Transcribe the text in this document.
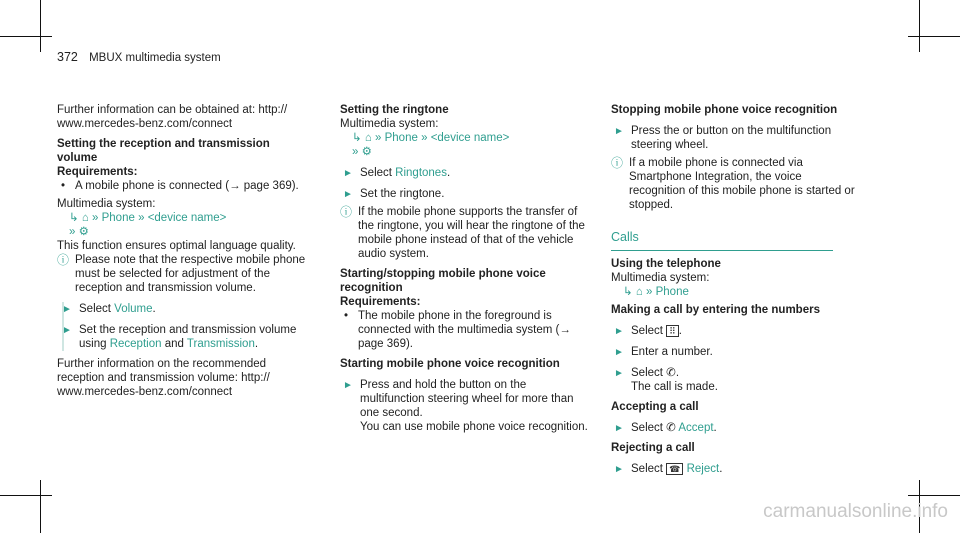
372 MBUX multimedia system

Further information can be obtained at: http:// www.mercedes-benz.com/connect

Setting the reception and transmission volume

Requirements:

• A mobile phone is connected (→ page 369).

Multimedia system:

↳ ⌂ » Phone » <device name>
» ⚙

This function ensures optimal language quality.

ⓘ Please note that the respective mobile phone must be selected for adjustment of the reception and transmission volume.
► Select Volume.
► Set the reception and transmission volume using Reception and Transmission.

Further information on the recommended reception and transmission volume: http:// www.mercedes-benz.com/connect

Setting the ringtone

Multimedia system:

↳ ⌂ » Phone » <device name>
» ⚙
► Select Ringtones.
► Set the ringtone.
ⓘ If the mobile phone supports the transfer of the ringtone, you will hear the ringtone of the mobile phone instead of that of the vehicle audio system.

Starting/stopping mobile phone voice recognition

Requirements:

• The mobile phone in the foreground is connected with the multimedia system (→ page 369).

Starting mobile phone voice recognition

► Press and hold the button on the multifunction steering wheel for more than one second.
You can use mobile phone voice recognition.

Stopping mobile phone voice recognition

► Press the or button on the multifunction steering wheel.
ⓘ If a mobile phone is connected via Smartphone Integration, the voice recognition of this mobile phone is started or stopped.
Calls

Using the telephone

Multimedia system:

↳ ⌂ » Phone

Making a call by entering the numbers

► Select ⠿ .
► Enter a number.
► Select ✆.
The call is made.

Accepting a call

► Select ✆ Accept.

Rejecting a call

► Select ☎ Reject.
carmanualsonline.info
